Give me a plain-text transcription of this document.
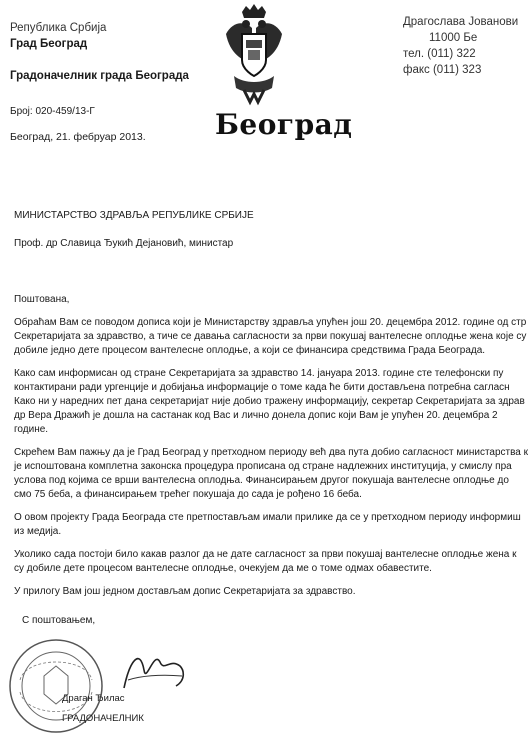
Република Србија
Град Београд
Градоначелник града Београда
Број: 020-459/13-Г
Београд, 21. фебруар 2013. Београд
Драгослава Јованови
11000 Бе
тел. (011) 322
факс (011) 323
МИНИСТАРСТВО ЗДРАВЉА РЕПУБЛИКЕ СРБИЈЕ
Проф. др Славица Ђукић Дејановић, министар

Поштована,

Обраћам Вам се поводом дописа који је Министарству здравља упућен још 20. децембра 2012. године од стр
Секретаријата за здравство, а тиче се давања сагласности за први покушај вантелесне оплодње жена које су
добиле једно дете процесом вантелесне оплодње, а који се финансира средствима Града Београда.

Како сам информисан од стране Секретаријата за здравство 14. јануара 2013. године сте телефонски пу
контактирани ради ургенције и добијања информације о томе када ће бити достављена потребна сагласн
Како ни у наредних пет дана секретаријат није добио тражену информацију, секретар Секретаријата за здрав
др Вера Дражић је дошла на састанак код Вас и лично донела допис који Вам је упућен 20. децембра 2
године.

Скрећем Вам пажњу да је Град Београд у претходном периоду већ два пута добио сагласност министарства к
је испоштована комплетна законска процедура прописана од стране надлежних институција, у смислу пра
услова под којима се врши вантелесна оплодња. Финансирањем другог покушаја вантелесне оплодње до
смо 75 беба, а финансирањем трећег покушаја до сада је рођено 16 беба.

О овом пројекту Града Београда сте претпостављам имали прилике да се у претходном периоду информиш
из медија.

Уколико сада постоји било какав разлог да не дате сагласност за први покушај вантелесне оплодње жена к
су добиле дете процесом вантелесне оплодње, очекујем да ме о томе одмах обавестите.

У прилогу Вам још једном достављам допис Секретаријата за здравство.

С поштовањем,
Драган Ђилас
ГРАДОНАЧЕЛНИК
